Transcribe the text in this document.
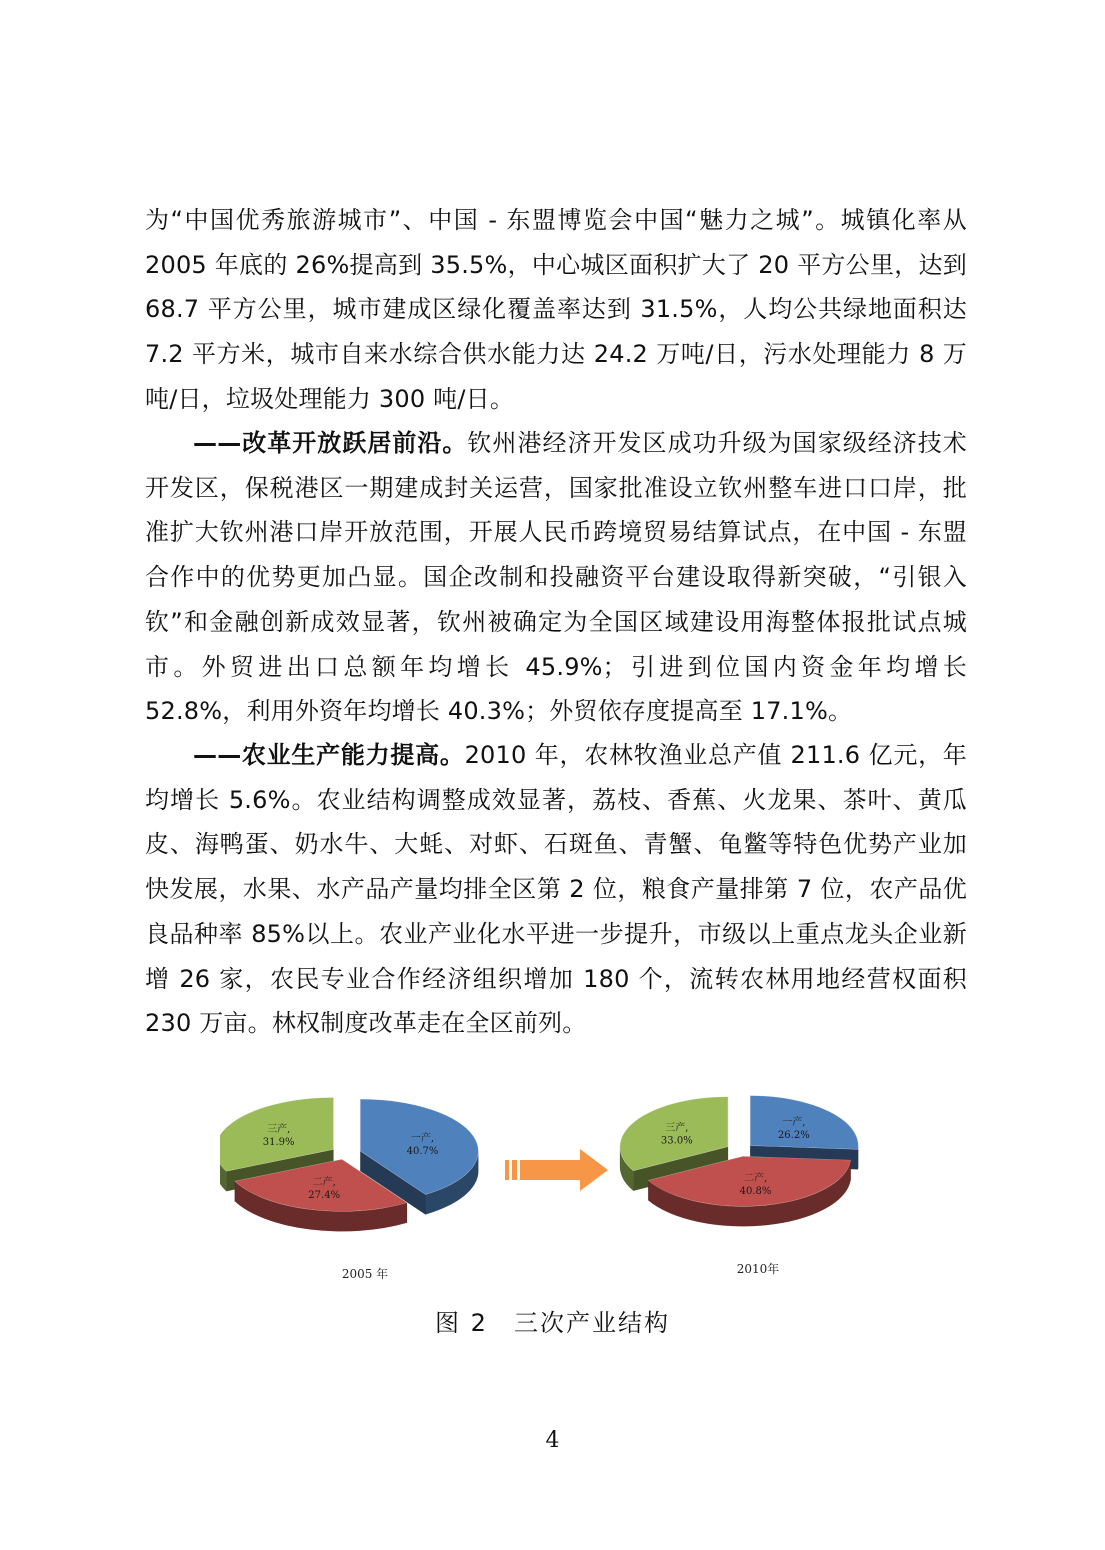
为“中国优秀旅游城市”、中国 - 东盟博览会中国“魅力之城”。城镇化率从 2005 年底的 26%提高到 35.5%，中心城区面积扩大了 20 平方公里，达到 68.7 平方公里，城市建成区绿化覆盖率达到 31.5%，人均公共绿地面积达 7.2 平方米，城市自来水综合供水能力达 24.2 万吨/日，污水处理能力 8 万吨/日，垃圾处理能力 300 吨/日。

——改革开放跃居前沿。钦州港经济开发区成功升级为国家级经济技术开发区，保税港区一期建成封关运营，国家批准设立钦州整车进口口岸，批准扩大钦州港口岸开放范围，开展人民币跨境贸易结算试点，在中国 - 东盟合作中的优势更加凸显。国企改制和投融资平台建设取得新突破，“引银入钦”和金融创新成效显著，钦州被确定为全国区域建设用海整体报批试点城市。外贸进出口总额年均增长 45.9%；引进到位国内资金年均增长 52.8%，利用外资年均增长 40.3%；外贸依存度提高至 17.1%。

——农业生产能力提高。2010 年，农林牧渔业总产值 211.6 亿元，年均增长 5.6%。农业结构调整成效显著，荔枝、香蕉、火龙果、茶叶、黄瓜皮、海鸭蛋、奶水牛、大蚝、对虾、石斑鱼、青蟹、龟鳖等特色优势产业加快发展，水果、水产品产量均排全区第 2 位，粮食产量排第 7 位，农产品优良品种率 85%以上。农业产业化水平进一步提升，市级以上重点龙头企业新增 26 家，农民专业合作经济组织增加 180 个，流转农林用地经营权面积 230 万亩。林权制度改革走在全区前列。

一产,
40.7%
二产,
27.4%
三产,
31.9%
2005 年
一产,
26.2%
二产,
40.8%
三产,
33.0%
2010年
图 2　三次产业结构
4
